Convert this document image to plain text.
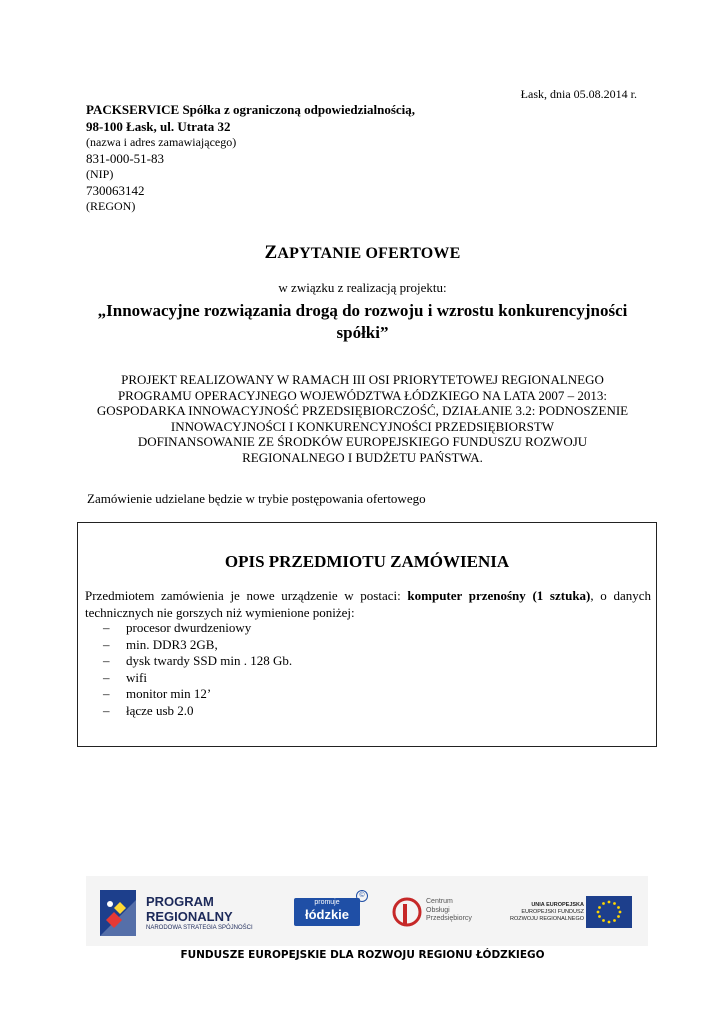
Łask, dnia 05.08.2014 r.
PACKSERVICE Spółka z ograniczoną odpowiedzialnością,
98-100 Łask, ul. Utrata 32
(nazwa i adres zamawiającego)
831-000-51-83
(NIP)
730063142
(REGON)
ZAPYTANIE OFERTOWE
w związku z realizacją projektu:
„Innowacyjne rozwiązania drogą do rozwoju i wzrostu konkurencyjności spółki”
PROJEKT REALIZOWANY W RAMACH III OSI PRIORYTETOWEJ REGIONALNEGO
PROGRAMU OPERACYJNEGO WOJEWÓDZTWA ŁÓDZKIEGO NA LATA 2007 – 2013:
GOSPODARKA INNOWACYJNOŚĆ PRZEDSIĘBIORCZOŚĆ, DZIAŁANIE 3.2: PODNOSZENIE
INNOWACYJNOŚCI I KONKURENCYJNOŚCI PRZEDSIĘBIORSTW
DOFINANSOWANIE ZE ŚRODKÓW EUROPEJSKIEGO FUNDUSZU ROZWOJU
REGIONALNEGO I BUDŻETU PAŃSTWA.
Zamówienie udzielane będzie w trybie postępowania ofertowego
OPIS PRZEDMIOTU ZAMÓWIENIA
Przedmiotem zamówienia je nowe urządzenie w postaci: komputer przenośny (1 sztuka), o danych technicznych nie gorszych niż wymienione poniżej:
–	procesor dwurdzeniowy
–	min. DDR3 2GB,
–	dysk twardy SSD min . 128 Gb.
–	wifi
–	monitor min 12’
–	łącze usb 2.0
PROGRAM
REGIONALNY
NARODOWA STRATEGIA SPÓJNOŚCI
promuje
łódzkie
©
Centrum
Obsługi
Przedsiębiorcy
UNIA EUROPEJSKA
EUROPEJSKI FUNDUSZ
ROZWOJU REGIONALNEGO
FUNDUSZE EUROPEJSKIE DLA ROZWOJU REGIONU ŁÓDZKIEGO
